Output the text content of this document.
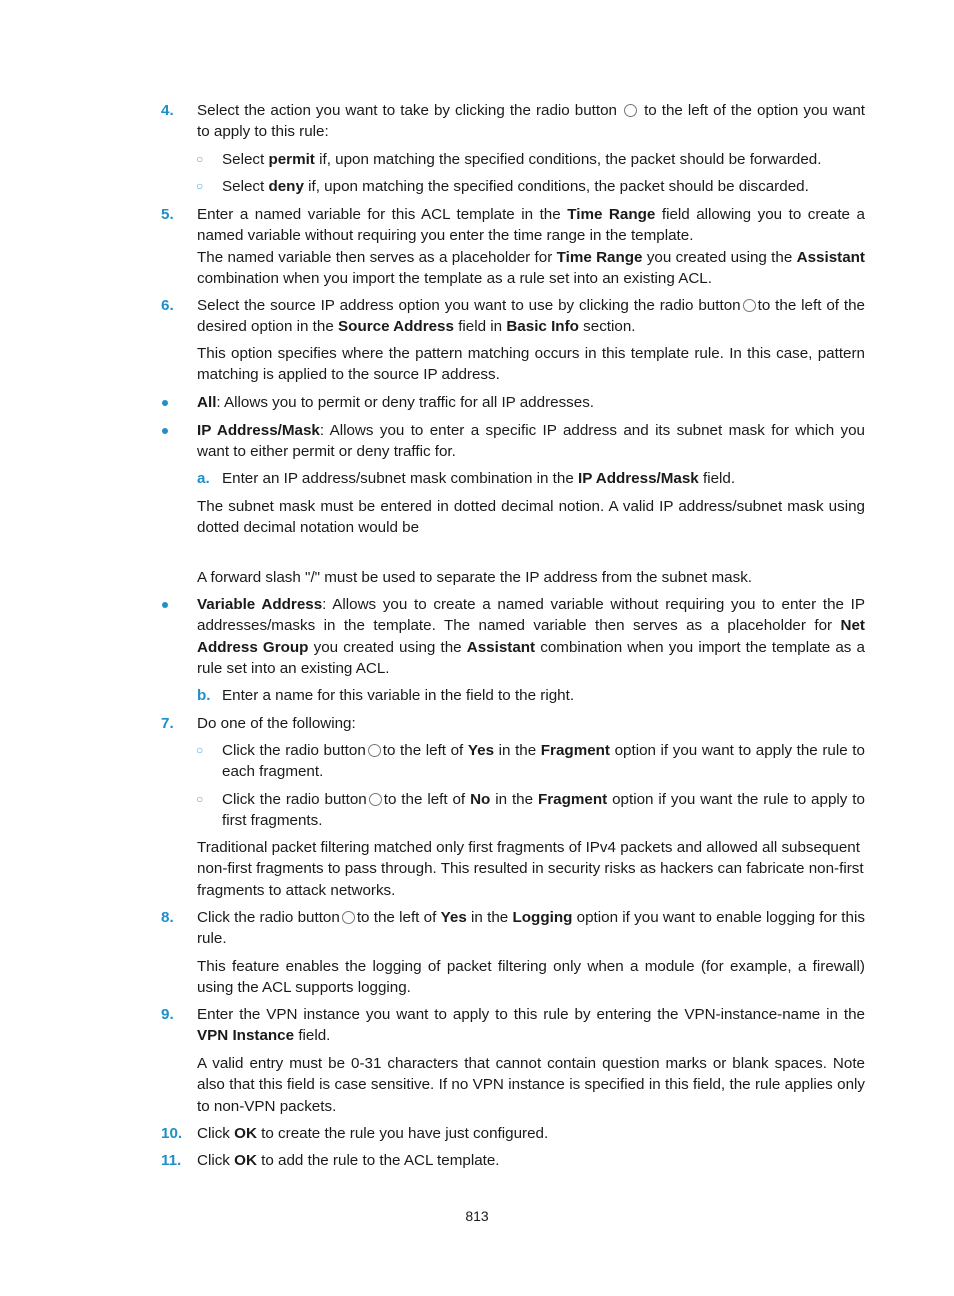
4. Select the action you want to take by clicking the radio button to the left of the option you want to apply to this rule:
○ Select permit if, upon matching the specified conditions, the packet should be forwarded.
○ Select deny if, upon matching the specified conditions, the packet should be discarded.
5. Enter a named variable for this ACL template in the Time Range field allowing you to create a named variable without requiring you enter the time range in the template.
The named variable then serves as a placeholder for Time Range you created using the Assistant combination when you import the template as a rule set into an existing ACL.
6. Select the source IP address option you want to use by clicking the radio button to the left of the desired option in the Source Address field in Basic Info section.
This option specifies where the pattern matching occurs in this template rule. In this case, pattern matching is applied to the source IP address.
All: Allows you to permit or deny traffic for all IP addresses.
IP Address/Mask: Allows you to enter a specific IP address and its subnet mask for which you want to either permit or deny traffic for.
a. Enter an IP address/subnet mask combination in the IP Address/Mask field.
The subnet mask must be entered in dotted decimal notion. A valid IP address/subnet mask using dotted decimal notation would be
A forward slash "/" must be used to separate the IP address from the subnet mask.
Variable Address: Allows you to create a named variable without requiring you to enter the IP addresses/masks in the template. The named variable then serves as a placeholder for Net Address Group you created using the Assistant combination when you import the template as a rule set into an existing ACL.
b. Enter a name for this variable in the field to the right.
7. Do one of the following:
○ Click the radio button to the left of Yes in the Fragment option if you want to apply the rule to each fragment.
○ Click the radio button to the left of No in the Fragment option if you want the rule to apply to first fragments.
Traditional packet filtering matched only first fragments of IPv4 packets and allowed all subsequent non-first fragments to pass through. This resulted in security risks as hackers can fabricate non-first fragments to attack networks.
8. Click the radio button to the left of Yes in the Logging option if you want to enable logging for this rule.
This feature enables the logging of packet filtering only when a module (for example, a firewall) using the ACL supports logging.
9. Enter the VPN instance you want to apply to this rule by entering the VPN-instance-name in the VPN Instance field.
A valid entry must be 0-31 characters that cannot contain question marks or blank spaces. Note also that this field is case sensitive. If no VPN instance is specified in this field, the rule applies only to non-VPN packets.
10. Click OK to create the rule you have just configured.
11. Click OK to add the rule to the ACL template.
813
